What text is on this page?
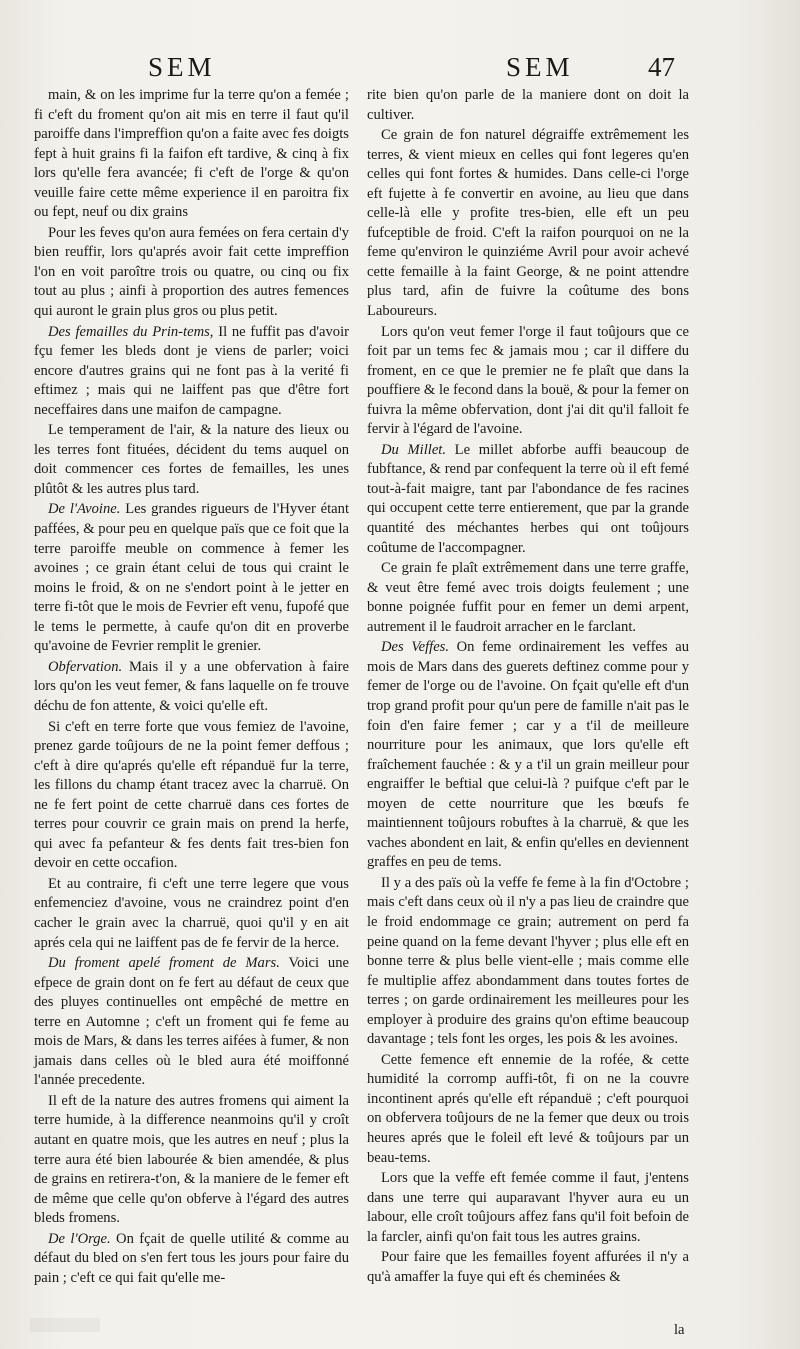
SEM	SEM	47

main, & on les imprime fur la terre qu'on a femée ; fi c'eft du froment qu'on ait mis en terre il faut qu'il paroiffe dans l'impreffion qu'on a faite avec fes doigts fept à huit grains fi la faifon eft tardive, & cinq à fix lors qu'elle fera avancée; fi c'eft de l'orge & qu'on veuille faire cette même experience il en paroitra fix ou fept, neuf ou dix grains

Pour les feves qu'on aura femées on fera certain d'y bien reuffir, lors qu'aprés avoir fait cette impreffion l'on en voit paroître trois ou quatre, ou cinq ou fix tout au plus ; ainfi à proportion des autres femences qui auront le grain plus gros ou plus petit.

Des femailles du Prin-tems, Il ne fuffit pas d'avoir fçu femer les bleds dont je viens de parler; voici encore d'autres grains qui ne font pas à la verité fi eftimez ; mais qui ne laiffent pas que d'être fort neceffaires dans une maifon de campagne.

Le temperament de l'air, & la nature des lieux ou les terres font fituées, décident du tems auquel on doit commencer ces fortes de femailles, les unes plûtôt & les autres plus tard.

De l'Avoine. Les grandes rigueurs de l'Hyver étant paffées, & pour peu en quelque païs que ce foit que la terre paroiffe meuble on commence à femer les avoines ; ce grain étant celui de tous qui craint le moins le froid, & on ne s'endort point à le jetter en terre fi-tôt que le mois de Fevrier eft venu, fupofé que le tems le permette, à caufe qu'on dit en proverbe qu'avoine de Fevrier remplit le grenier.

Obfervation. Mais il y a une obfervation à faire lors qu'on les veut femer, & fans laquelle on fe trouve déchu de fon attente, & voici qu'elle eft.

Si c'eft en terre forte que vous femiez de l'avoine, prenez garde toûjours de ne la point femer deffous ; c'eft à dire qu'aprés qu'elle eft répanduë fur la terre, les fillons du champ étant tracez avec la charruë. On ne fe fert point de cette charruë dans ces fortes de terres pour couvrir ce grain mais on prend la herfe, qui avec fa pefanteur & fes dents fait tres-bien fon devoir en cette occafion.

Et au contraire, fi c'eft une terre legere que vous enfemenciez d'avoine, vous ne craindrez point d'en cacher le grain avec la charruë, quoi qu'il y en ait aprés cela qui ne laiffent pas de fe fervir de la herce.

Du froment apelé froment de Mars. Voici une efpece de grain dont on fe fert au défaut de ceux que des pluyes continuelles ont empêché de mettre en terre en Automne ; c'eft un froment qui fe feme au mois de Mars, & dans les terres aifées à fumer, & non jamais dans celles où le bled aura été moiffonné l'année precedente.

Il eft de la nature des autres fromens qui aiment la terre humide, à la difference neanmoins qu'il y croît autant en quatre mois, que les autres en neuf ; plus la terre aura été bien labourée & bien amendée, & plus de grains en retirera-t'on, & la maniere de le femer eft de même que celle qu'on obferve à l'égard des autres bleds fromens.

De l'Orge. On fçait de quelle utilité & comme au défaut du bled on s'en fert tous les jours pour faire du pain ; c'eft ce qui fait qu'elle me-

rite bien qu'on parle de la maniere dont on doit la cultiver.

Ce grain de fon naturel dégraiffe extrêmement les terres, & vient mieux en celles qui font legeres qu'en celles qui font fortes & humides. Dans celle-ci l'orge eft fujette à fe convertir en avoine, au lieu que dans celle-là elle y profite tres-bien, elle eft un peu fufceptible de froid. C'eft la raifon pourquoi on ne la feme qu'environ le quinziéme Avril pour avoir achevé cette femaille à la faint George, & ne point attendre plus tard, afin de fuivre la coûtume des bons Laboureurs.

Lors qu'on veut femer l'orge il faut toûjours que ce foit par un tems fec & jamais mou ; car il differe du froment, en ce que le premier ne fe plaît que dans la pouffiere & le fecond dans la bouë, & pour la femer on fuivra la même obfervation, dont j'ai dit qu'il falloit fe fervir à l'égard de l'avoine.

Du Millet. Le millet abforbe auffi beaucoup de fubftance, & rend par confequent la terre où il eft femé tout-à-fait maigre, tant par l'abondance de fes racines qui occupent cette terre entierement, que par la grande quantité des méchantes herbes qui ont toûjours coûtume de l'accompagner.

Ce grain fe plaît extrêmement dans une terre graffe, & veut être femé avec trois doigts feulement ; une bonne poignée fuffit pour en femer un demi arpent, autrement il le faudroit arracher en le farclant.

Des Veffes. On feme ordinairement les veffes au mois de Mars dans des guerets deftinez comme pour y femer de l'orge ou de l'avoine. On fçait qu'elle eft d'un trop grand profit pour qu'un pere de famille n'ait pas le foin d'en faire femer ; car y a t'il de meilleure nourriture pour les animaux, que lors qu'elle eft fraîchement fauchée : & y a t'il un grain meilleur pour engraiffer le beftial que celui-là ? puifque c'eft par le moyen de cette nourriture que les bœufs fe maintiennent toûjours robuftes à la charruë, & que les vaches abondent en lait, & enfin qu'elles en deviennent graffes en peu de tems.

Il y a des païs où la veffe fe feme à la fin d'Octobre ; mais c'eft dans ceux où il n'y a pas lieu de craindre que le froid endommage ce grain; autrement on perd fa peine quand on la feme devant l'hyver ; plus elle eft en bonne terre & plus belle vient-elle ; mais comme elle fe multiplie affez abondamment dans toutes fortes de terres ; on garde ordinairement les meilleures pour les employer à produire des grains qu'on eftime beaucoup davantage ; tels font les orges, les pois & les avoines.

Cette femence eft ennemie de la rofée, & cette humidité la corromp auffi-tôt, fi on ne la couvre incontinent aprés qu'elle eft répanduë ; c'eft pourquoi on obfervera toûjours de ne la femer que deux ou trois heures aprés que le foleil eft levé & toûjours par un beau-tems.

Lors que la veffe eft femée comme il faut, j'entens dans une terre qui auparavant l'hyver aura eu un labour, elle croît toûjours affez fans qu'il foit befoin de la farcler, ainfi qu'on fait tous les autres grains.

Pour faire que les femailles foyent affurées il n'y a qu'à amaffer la fuye qui eft és cheminées &

la
